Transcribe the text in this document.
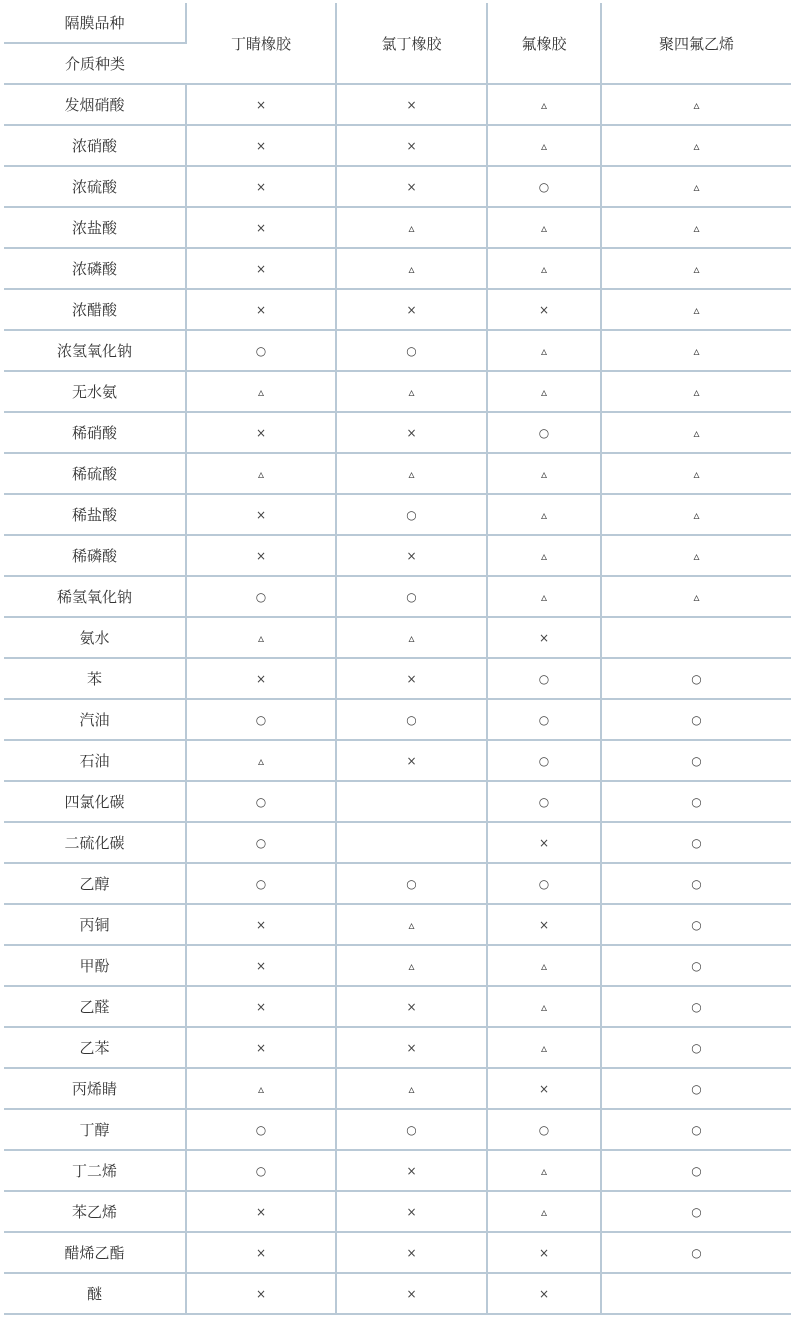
隔膜品种	丁睛橡胶	氯丁橡胶	氟橡胶	聚四氟乙烯
介质种类				
发烟硝酸	×	×	▵	▵
浓硝酸	×	×	▵	▵
浓硫酸	×	×	○	▵
浓盐酸	×	▵	▵	▵
浓磷酸	×	▵	▵	▵
浓醋酸	×	×	×	▵
浓氢氧化钠	○	○	▵	▵
无水氨	▵	▵	▵	▵
稀硝酸	×	×	○	▵
稀硫酸	▵	▵	▵	▵
稀盐酸	×	○	▵	▵
稀磷酸	×	×	▵	▵
稀氢氧化钠	○	○	▵	▵
氨水	▵	▵	×	
苯	×	×	○	○
汽油	○	○	○	○
石油	▵	×	○	○
四氯化碳	○		○	○
二硫化碳	○		×	○
乙醇	○	○	○	○
丙铜	×	▵	×	○
甲酚	×	▵	▵	○
乙醛	×	×	▵	○
乙苯	×	×	▵	○
丙烯睛	▵	▵	×	○
丁醇	○	○	○	○
丁二烯	○	×	▵	○
苯乙烯	×	×	▵	○
醋烯乙酯	×	×	×	○
醚	×	×	×	
